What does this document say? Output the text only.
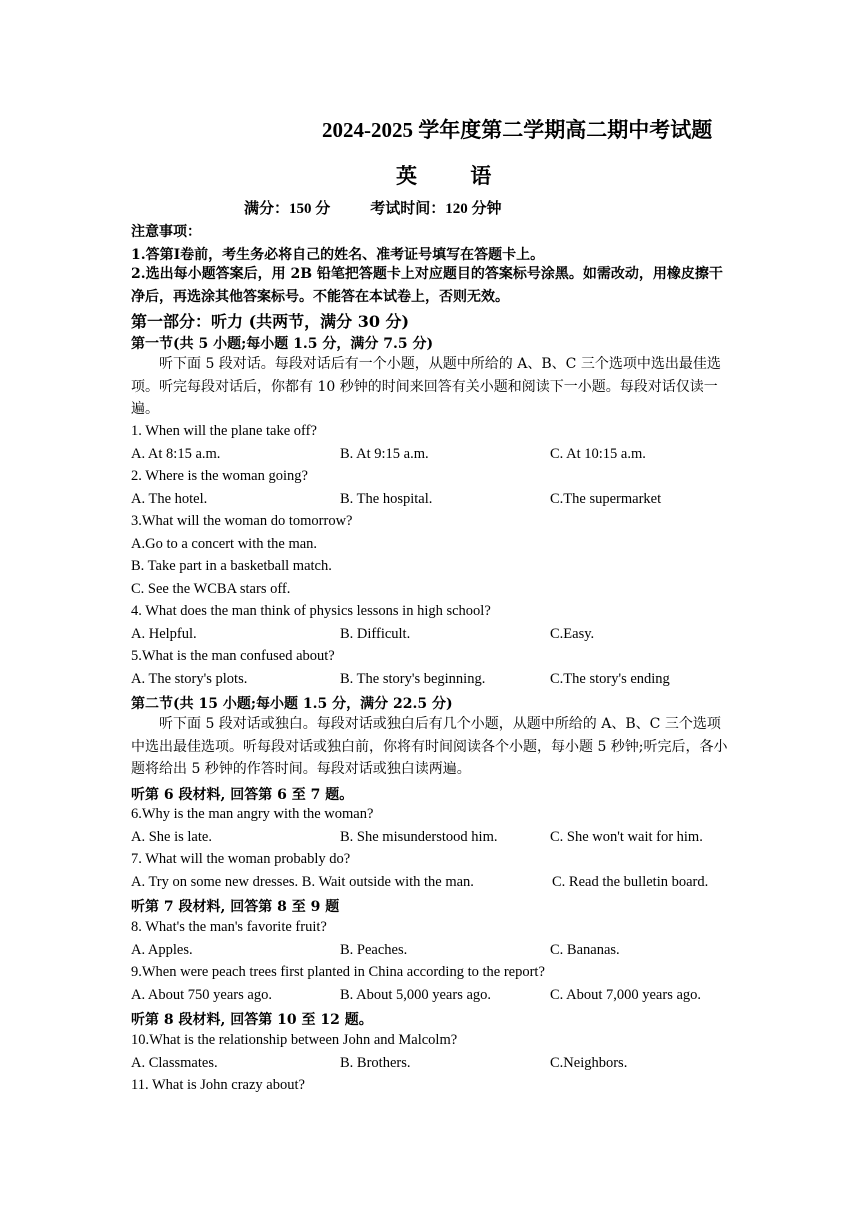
2024-2025 学年度第二学期高二期中考试题
英 语
满分：150 分	考试时间：120 分钟
注意事项：
1.答第Ⅰ卷前，考生务必将自己的姓名、准考证号填写在答题卡上。
2.选出每小题答案后，用 2B 铅笔把答题卡上对应题目的答案标号涂黑。如需改动，用橡皮擦干净后，再选涂其他答案标号。不能答在本试卷上，否则无效。
第一部分：听力 (共两节，满分 30 分)
第一节(共 5 小题;每小题 1.5 分，满分 7.5 分)
听下面 5 段对话。每段对话后有一个小题，从题中所给的 A、B、C 三个选项中选出最佳选项。听完每段对话后，你都有 10 秒钟的时间来回答有关小题和阅读下一小题。每段对话仅读一遍。
1. When will the plane take off?
A. At 8:15 a.m.	B. At 9:15 a.m.	C. At 10:15 a.m.
2. Where is the woman going?
A. The hotel.	B. The hospital.	C.The supermarket
3.What will the woman do tomorrow?
A.Go to a concert with the man.
B. Take part in a basketball match.
C. See the WCBA stars off.
4. What does the man think of physics lessons in high school?
A. Helpful.	B. Difficult.	C.Easy.
5.What is the man confused about?
A. The story's plots.	B. The story's beginning.	C.The story's ending
第二节(共 15 小题;每小题 1.5 分，满分 22.5 分)
听下面 5 段对话或独白。每段对话或独白后有几个小题，从题中所给的 A、B、C 三个选项中选出最佳选项。听每段对话或独白前，你将有时间阅读各个小题，每小题 5 秒钟;听完后，各小题将给出 5 秒钟的作答时间。每段对话或独白读两遍。
听第 6 段材料, 回答第 6 至 7 题。
6.Why is the man angry with the woman?
A. She is late.	B. She misunderstood him.	C. She won't wait for him.
7. What will the woman probably do?
A. Try on some new dresses. B. Wait outside with the man.	C. Read the bulletin board.
听第 7 段材料, 回答第 8 至 9 题
8. What's the man's favorite fruit?
A. Apples.	B. Peaches.	C. Bananas.
9.When were peach trees first planted in China according to the report?
A. About 750 years ago.	B. About 5,000 years ago.	C. About 7,000 years ago.
听第 8 段材料, 回答第 10 至 12 题。
10.What is the relationship between John and Malcolm?
A. Classmates.	B. Brothers.	C.Neighbors.
11. What is John crazy about?
